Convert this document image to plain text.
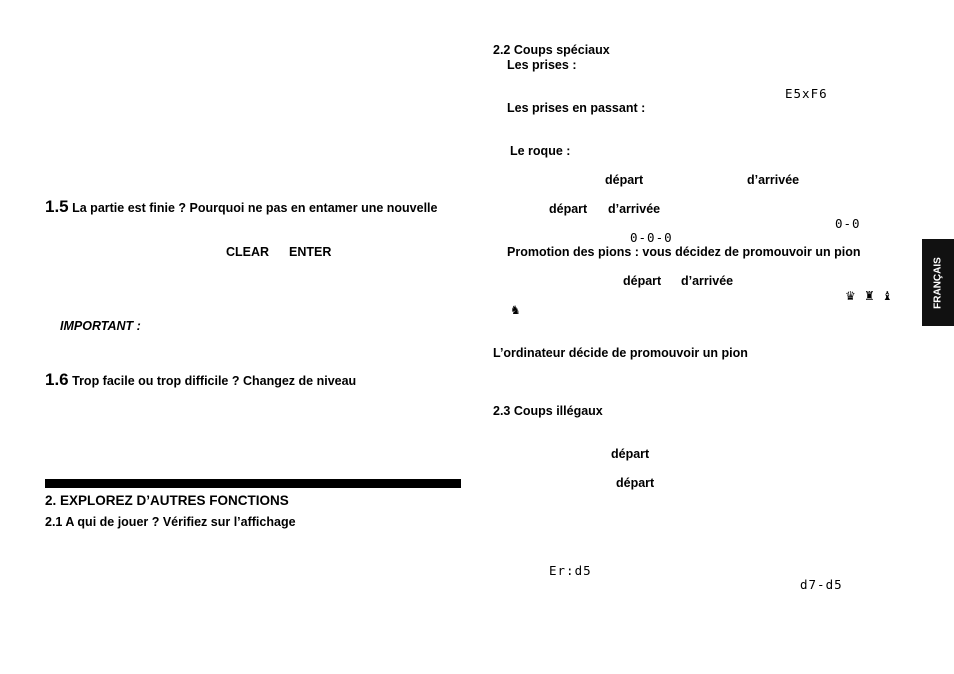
1.5 La partie est finie ? Pourquoi ne pas en entamer une nouvelle
CLEAR ENTER
IMPORTANT :
1.6 Trop facile ou trop difficile ? Changez de niveau
2. EXPLOREZ D’AUTRES FONCTIONS
2.1 A qui de jouer ? Vérifiez sur l’affichage
2.2 Coups spéciaux
Les prises :
E5xF6
Les prises en passant :
Le roque :
départ	d’arrivée
départ d’arrivée
0-0
0-0-0
Promotion des pions : vous décidez de promouvoir un pion
départ d’arrivée
♛ ♜ ♝
♞
L’ordinateur décide de promouvoir un pion
2.3 Coups illégaux
départ
départ
Er:d5
d7-d5
FRANÇAIS
